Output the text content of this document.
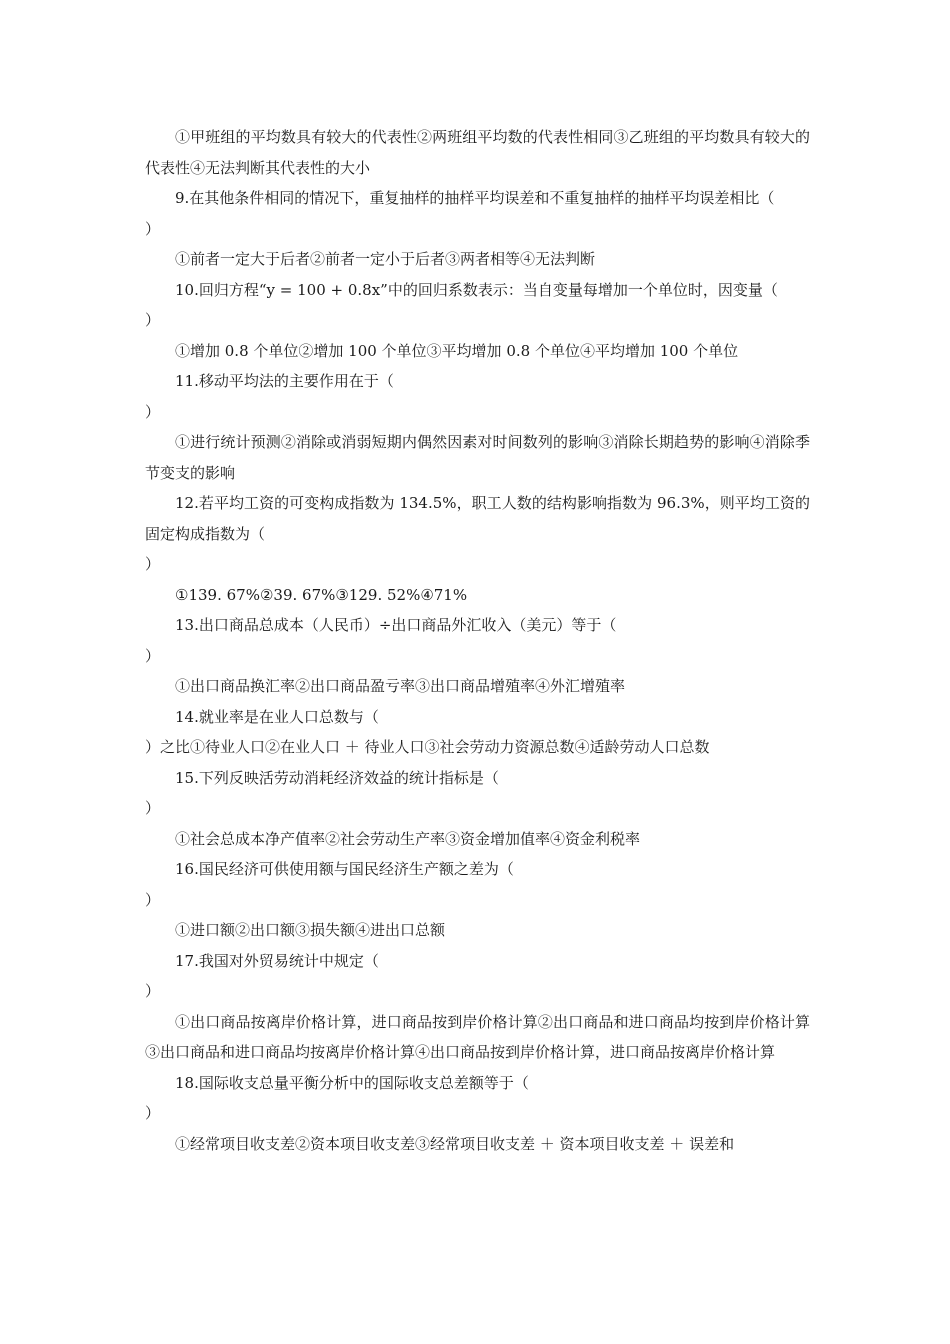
①甲班组的平均数具有较大的代表性②两班组平均数的代表性相同③乙班组的平均数具有较大的代表性④无法判断其代表性的大小

9.在其他条件相同的情况下，重复抽样的抽样平均误差和不重复抽样的抽样平均误差相比（

）

①前者一定大于后者②前者一定小于后者③两者相等④无法判断

10.回归方程“y = 100 + 0.8x”中的回归系数表示：当自变量每增加一个单位时，因变量（

）

①增加 0.8 个单位②增加 100 个单位③平均增加 0.8 个单位④平均增加 100 个单位

11.移动平均法的主要作用在于（

）

①进行统计预测②消除或消弱短期内偶然因素对时间数列的影响③消除长期趋势的影响④消除季节变支的影响

12.若平均工资的可变构成指数为 134.5%，职工人数的结构影响指数为 96.3%，则平均工资的固定构成指数为（

）

①139. 67%②39. 67%③129. 52%④71%

13.出口商品总成本（人民币）÷出口商品外汇收入（美元）等于（

）

①出口商品换汇率②出口商品盈亏率③出口商品增殖率④外汇增殖率

14.就业率是在业人口总数与（

）之比①待业人口②在业人口 ＋ 待业人口③社会劳动力资源总数④适龄劳动人口总数

15.下列反映活劳动消耗经济效益的统计指标是（

）

①社会总成本净产值率②社会劳动生产率③资金增加值率④资金利税率

16.国民经济可供使用额与国民经济生产额之差为（

）

①进口额②出口额③损失额④进出口总额

17.我国对外贸易统计中规定（

）

①出口商品按离岸价格计算，进口商品按到岸价格计算②出口商品和进口商品均按到岸价格计算③出口商品和进口商品均按离岸价格计算④出口商品按到岸价格计算，进口商品按离岸价格计算

18.国际收支总量平衡分析中的国际收支总差额等于（

）

①经常项目收支差②资本项目收支差③经常项目收支差 ＋ 资本项目收支差 ＋ 误差和
